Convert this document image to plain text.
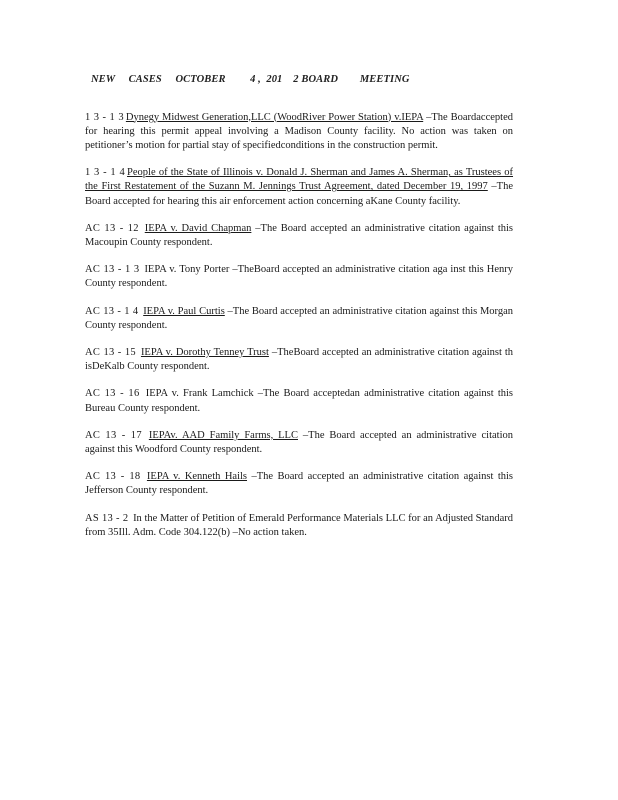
NEW     CASES     OCTOBER         4 ,  201    2 BOARD        MEETING

1 3 - 1 3 Dynegy Midwest Generation,LLC (WoodRiver Power Station) v.IEPA –The Boardaccepted for hearing this permit appeal involving a Madison County facility. No action was taken on petitioner’s motion for partial stay of specifiedconditions in the construction permit.

1 3 - 1 4 People of the State of Illinois v. Donald J. Sherman and James A. Sherman, as Trustees of the First Restatement of the Suzann M. Jennings Trust Agreement, dated December 19, 1997 –The Board accepted for hearing this air enforcement action concerning aKane County facility.

AC 13 - 12 IEPA v. David Chapman –The Board accepted an administrative citation against this Macoupin County respondent.

AC 13 - 1 3 IEPA v. Tony Porter –TheBoard accepted an administrative citation aga inst this Henry County respondent.

AC 13 - 1 4 IEPA v. Paul Curtis –The Board accepted an administrative citation against this Morgan County respondent.

AC 13 - 15 IEPA v. Dorothy Tenney Trust –TheBoard accepted an administrative citation against th isDeKalb County respondent.

AC 13 - 16 IEPA v. Frank Lamchick –The Board acceptedan administrative citation against this Bureau County respondent.

AC 13 - 17 IEPAv. AAD Family Farms, LLC –The Board accepted an administrative citation against this Woodford County respondent.

AC 13 - 18 IEPA v. Kenneth Hails –The Board accepted an administrative citation against this Jefferson County respondent.

AS 13 - 2 In the Matter of Petition of Emerald Performance Materials LLC for an Adjusted Standard from 35Ill. Adm. Code 304.122(b) –No action taken.
